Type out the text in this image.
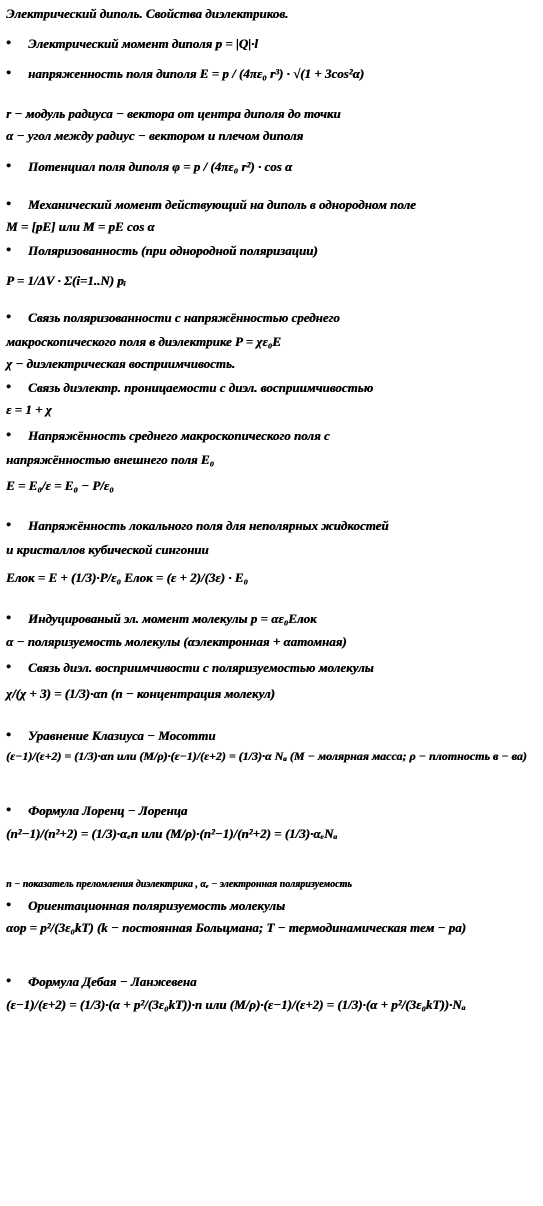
Электрический диполь. Свойства диэлектриков.
• Электрический момент диполя p = |Q|·l
• напряженность поля диполя E = p / (4πε₀ r³) · √(1 + 3cos²α)
r − модуль радиуса − вектора от центра диполя до точки
α − угол между радиус − вектором и плечом диполя
• Потенциал поля диполя φ = p / (4πε₀ r²) · cos α
• Механический момент действующий на диполь в однородном поле
M = [pE] или M = pE cos α
• Поляризованность (при однородной поляризации)
P = 1/ΔV · Σ(i=1..N) pᵢ
• Связь поляризованности с напряжённостью среднего
макроскопического поля в диэлектрике P = χε₀E
χ − диэлектрическая восприимчивость.
• Связь диэлектр. проницаемости с диэл. восприимчивостью
ε = 1 + χ
• Напряжённость среднего макроскопического поля с
напряжённостью внешнего поля E₀
E = E₀/ε = E₀ − P/ε₀
• Напряжённость локального поля для неполярных жидкостей
и кристаллов кубической сингонии
Eлок = E + (1/3)·P/ε₀ Eлок = (ε + 2)/(3ε) · E₀
• Индуцированый эл. момент молекулы p = αε₀Eлок
α − поляризуемость молекулы (αэлектронная + αатомная)
• Связь диэл. восприимчивости с поляризуемостью молекулы
χ/(χ + 3) = (1/3)·αn (n − концентрация молекул)
• Уравнение Клазиуса − Мосотти
(ε−1)/(ε+2) = (1/3)·αn или (M/ρ)·(ε−1)/(ε+2) = (1/3)·α Nₐ (M − молярная масса; ρ − плотность в − ва)
• Формула Лоренц − Лоренца
(n²−1)/(n²+2) = (1/3)·αₑn или (M/ρ)·(n²−1)/(n²+2) = (1/3)·αₑNₐ
n − показатель преломления диэлектрика , αₑ − электронная поляризуемость
• Ориентационная поляризуемость молекулы
αор = p²/(3ε₀kT) (k − постоянная Больцмана; T − термодинамическая тем − ра)
• Формула Дебая − Ланжевена
(ε−1)/(ε+2) = (1/3)·(α + p²/(3ε₀kT))·n или (M/ρ)·(ε−1)/(ε+2) = (1/3)·(α + p²/(3ε₀kT))·Nₐ
